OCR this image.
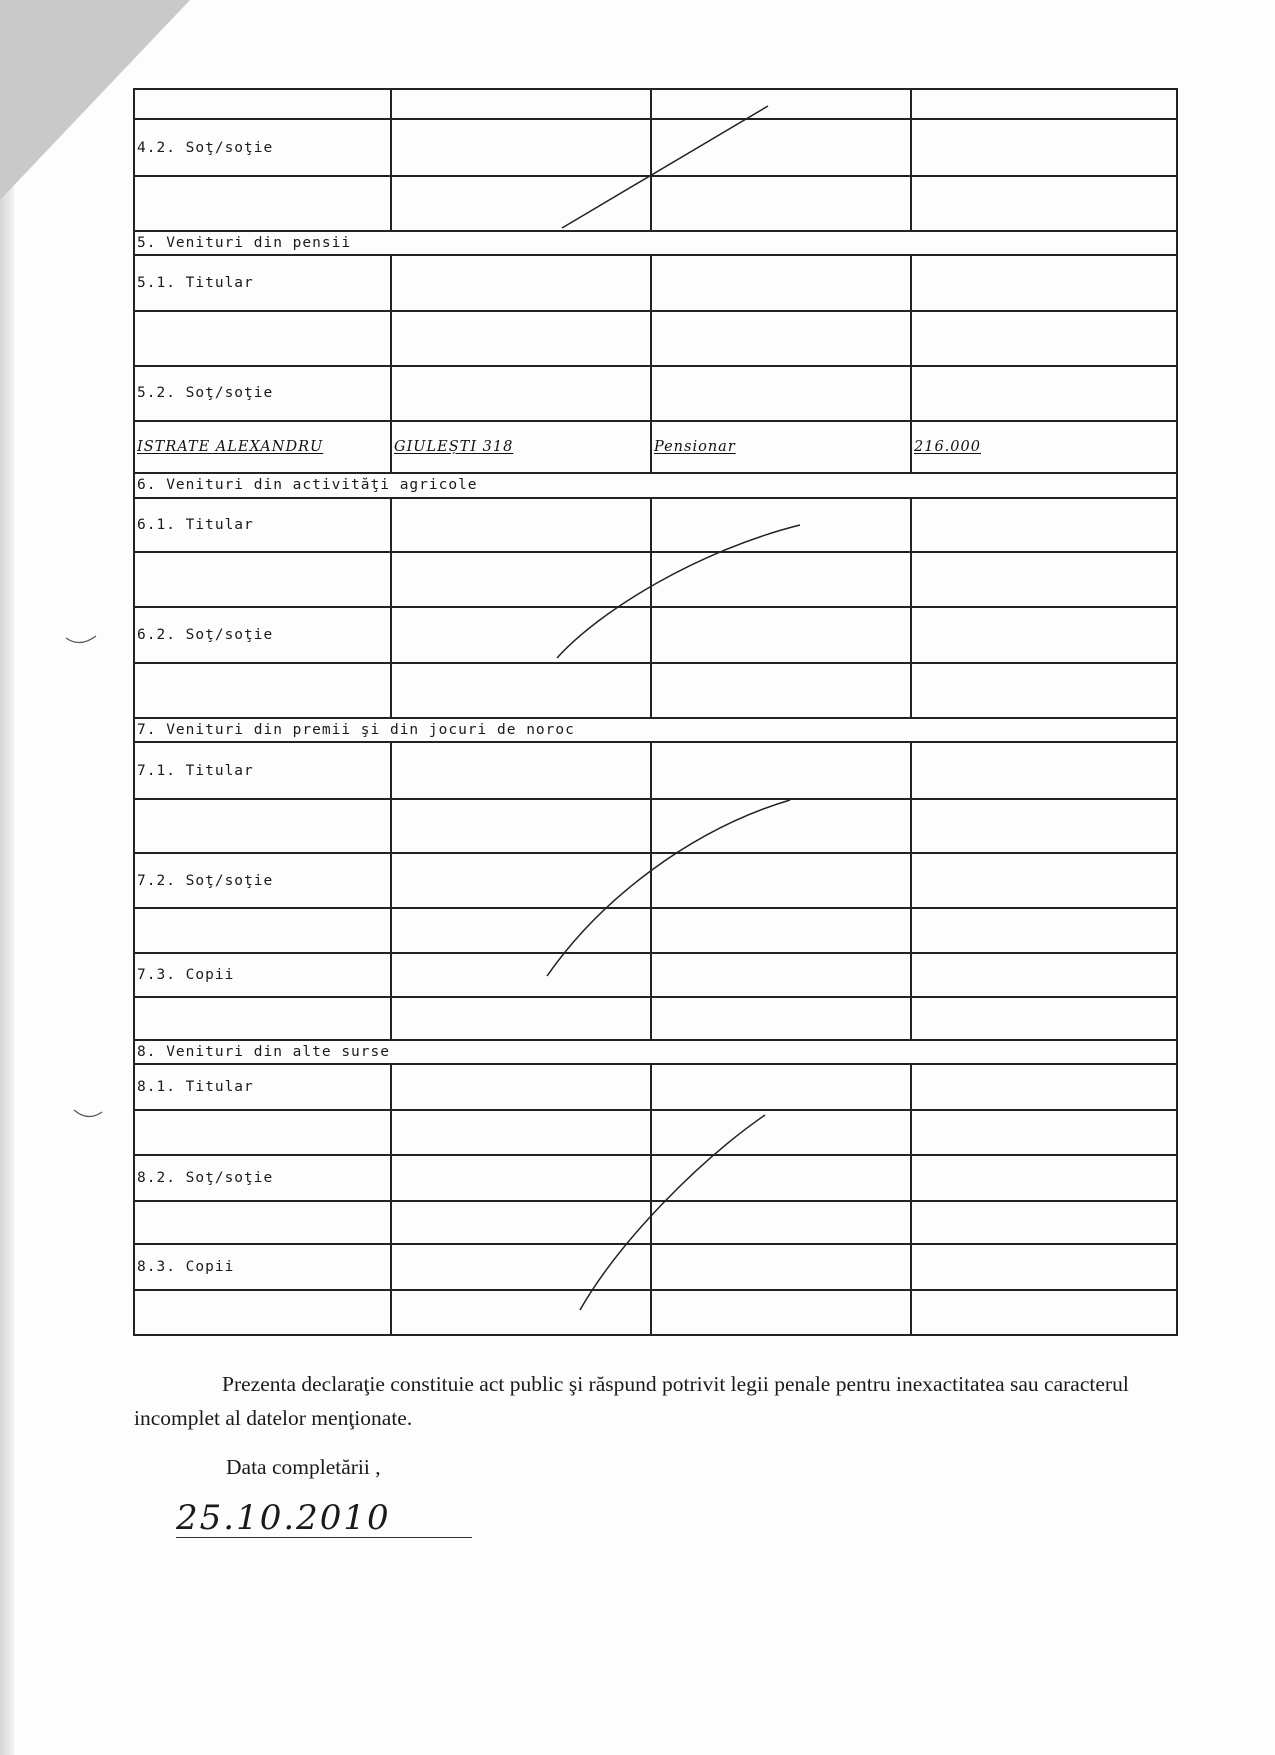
4.2. Soţ/soţie			

5. Venituri din pensii			
5.1. Titular			

5.2. Soţ/soţie			
ISTRATE ALEXANDRU	GIULEȘTI 318	Pensionar	216.000
6. Venituri din activităţi agricole			
6.1. Titular			

6.2. Soţ/soţie			

7. Venituri din premii şi din jocuri de noroc			
7.1. Titular			

7.2. Soţ/soţie			

7.3. Copii			

8. Venituri din alte surse			
8.1. Titular			

8.2. Soţ/soţie			

8.3. Copii			

Prezenta declaraţie constituie act public şi răspund potrivit legii penale pentru inexactitatea sau caracterul incomplet al datelor menţionate.
Data completării ,
25.10.2010
